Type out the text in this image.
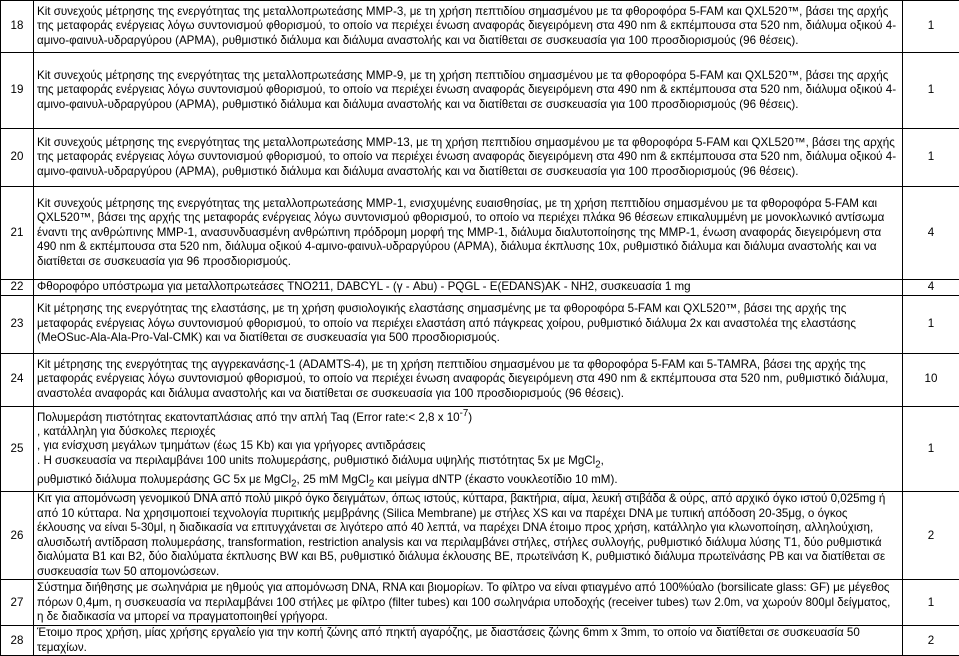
18	Kit συνεχούς μέτρησης της ενεργότητας της μεταλλοπρωτεάσης MMP-3, με τη χρήση πεπτιδίου σημασμένου με τα φθοροφόρα 5-FAM και QXL520™, βάσει της αρχής της μεταφοράς ενέργειας λόγω συντονισμού φθορισμού, το οποίο να περιέχει ένωση αναφοράς διεγειρόμενη στα 490 nm & εκπέμπουσα στα 520 nm, διάλυμα οξικού 4-αμινο-φαινυλ-υδραργύρου (APMA), ρυθμιστικό διάλυμα και διάλυμα αναστολής και να διατίθεται σε συσκευασία για 100 προσδιορισμούς (96 θέσεις).	1
19	Kit συνεχούς μέτρησης της ενεργότητας της μεταλλοπρωτεάσης MMP-9, με τη χρήση πεπτιδίου σημασμένου με τα φθοροφόρα 5-FAM και QXL520™, βάσει της αρχής της μεταφοράς ενέργειας λόγω συντονισμού φθορισμού, το οποίο να περιέχει ένωση αναφοράς διεγειρόμενη στα 490 nm & εκπέμπουσα στα 520 nm, διάλυμα οξικού 4-αμινο-φαινυλ-υδραργύρου (APMA), ρυθμιστικό διάλυμα και διάλυμα αναστολής και να διατίθεται σε συσκευασία για 100 προσδιορισμούς (96 θέσεις).	1
20	Kit συνεχούς μέτρησης της ενεργότητας της μεταλλοπρωτεάσης MMP-13, με τη χρήση πεπτιδίου σημασμένου με τα φθοροφόρα 5-FAM και QXL520™, βάσει της αρχής της μεταφοράς ενέργειας λόγω συντονισμού φθορισμού, το οποίο να περιέχει ένωση αναφοράς διεγειρόμενη στα 490 nm & εκπέμπουσα στα 520 nm, διάλυμα οξικού 4-αμινο-φαινυλ-υδραργύρου (APMA), ρυθμιστικό διάλυμα και διάλυμα αναστολής και να διατίθεται σε συσκευασία για 100 προσδιορισμούς (96 θέσεις).	1
21	Kit συνεχούς μέτρησης της ενεργότητας της μεταλλοπρωτεάσης MMP-1, ενισχυμένης ευαισθησίας, με τη χρήση πεπτιδίου σημασμένου με τα φθοροφόρα 5-FAM και QXL520™, βάσει της αρχής της μεταφοράς ενέργειας λόγω συντονισμού φθορισμού, το οποίο να περιέχει πλάκα 96 θέσεων επικαλυμμένη με μονοκλωνικό αντίσωμα έναντι της ανθρώπινης MMP-1, ανασυνδυασμένη ανθρώπινη πρόδρομη μορφή της MMP-1, διάλυμα διαλυτοποίησης της MMP-1, ένωση αναφοράς διεγειρόμενη στα 490 nm & εκπέμπουσα στα 520 nm, διάλυμα οξικού 4-αμινο-φαινυλ-υδραργύρου (APMA), διάλυμα έκπλυσης 10x, ρυθμιστικό διάλυμα και διάλυμα αναστολής και να διατίθεται σε συσκευασία για 96 προσδιορισμούς.	4
22	Φθοροφόρο υπόστρωμα για μεταλλοπρωτεάσες TNO211, DABCYL - (γ - Abu) - PQGL - E(EDANS)AK - NH2, συσκευασία 1 mg	4
23	Kit μέτρησης της ενεργότητας της ελαστάσης, με τη χρήση φυσιολογικής ελαστάσης σημασμένης με τα φθοροφόρα 5-FAM και QXL520™, βάσει της αρχής της μεταφοράς ενέργειας λόγω συντονισμού φθορισμού, το οποίο να περιέχει ελαστάση από πάγκρεας χοίρου, ρυθμιστικό διάλυμα 2x και αναστολέα της ελαστάσης (MeOSuc-Ala-Ala-Pro-Val-CMK) και να διατίθεται σε συσκευασία για 500 προσδιορισμούς.	1
24	Kit μέτρησης της ενεργότητας της αγγρεκανάσης-1 (ADAMTS-4), με τη χρήση πεπτιδίου σημασμένου με τα φθοροφόρα 5-FAM και 5-TAMRA, βάσει της αρχής της μεταφοράς ενέργειας λόγω συντονισμού φθορισμού, το οποίο να περιέχει ένωση αναφοράς διεγειρόμενη στα 490 nm & εκπέμπουσα στα 520 nm, ρυθμιστικό διάλυμα, αναστολέα αναφοράς και διάλυμα αναστολής και να διατίθεται σε συσκευασία για 100 προσδιορισμούς (96 θέσεις).	10
25	Πολυμεράση πιστότητας εκατονταπλάσιας από την απλή Taq (Error rate:< 2,8 x $10^{-7}$)
, κατάλληλη για δύσκολες περιοχές
, για ενίσχυση μεγάλων τμημάτων (έως 15 Kb) και για γρήγορες αντιδράσεις
. Η συσκευασία να περιλαμβάνει 100 units πολυμεράσης, ρυθμιστικό διάλυμα υψηλής πιστότητας 5x με MgCl$_2$,
ρυθμιστικό διάλυμα πολυμεράσης GC 5x με MgCl$_2$, 25 mM MgCl$_2$ και μείγμα dNTP (έκαστο νουκλεοτίδιο 10 mM).	1
26	Κιτ για απομόνωση γενομικού DNA από πολύ μικρό όγκο δειγμάτων, όπως ιστούς, κύτταρα, βακτήρια, αίμα, λευκή στιβάδα & ούρς, από αρχικό όγκο ιστού 0,025mg ή από 10 κύτταρα. Να χρησιμοποιεί τεχνολογία πυριτικής μεμβράνης (Silica Membrane) με στήλες XS και να παρέχει DNA με τυπική απόδοση 20-35μg, ο όγκος έκλουσης να είναι 5-30μl, η διαδικασία να επιτυγχάνεται σε λιγότερο από 40 λεπτά, να παρέχει DNA έτοιμο προς χρήση, κατάλληλο για κλωνοποίηση, αλληλούχιση, αλυσιδωτή αντίδραση πολυμεράσης, transformation, restriction analysis και να περιλαμβάνει στήλες, στήλες συλλογής, ρυθμιστικό διάλυμα λύσης T1, δύο ρυθμιστικά διαλύματα B1 και B2, δύο διαλύματα έκπλυσης BW και B5, ρυθμιστικό διάλυμα έκλουσης BE, πρωτεϊνάση K, ρυθμιστικό διάλυμα πρωτεϊνάσης PB και να διατίθεται σε συσκευασία των 50 απομονώσεων.	2
27	Σύστημα διήθησης με σωληνάρια με ηθμούς για απομόνωση DNA, RNA και βιομορίων. Το φίλτρο να είναι φτιαγμένο από 100%ύαλο (borsilicate glass: GF) με μέγεθος πόρων 0,4μm, η συσκευασία να περιλαμβάνει 100 στήλες με φίλτρο (filter tubes) και 100 σωληνάρια υποδοχής (receiver tubes) των 2.0m, να χωρούν 800μl δείγματος, η δε διαδικασία να μπορεί να πραγματοποιηθεί γρήγορα.	1
28	Έτοιμο προς χρήση, μίας χρήσης εργαλείο για την κοπή ζώνης από πηκτή αγαρόζης, με διαστάσεις ζώνης 6mm x 3mm, το οποίο να διατίθεται σε συσκευασία 50 τεμαχίων.	2
